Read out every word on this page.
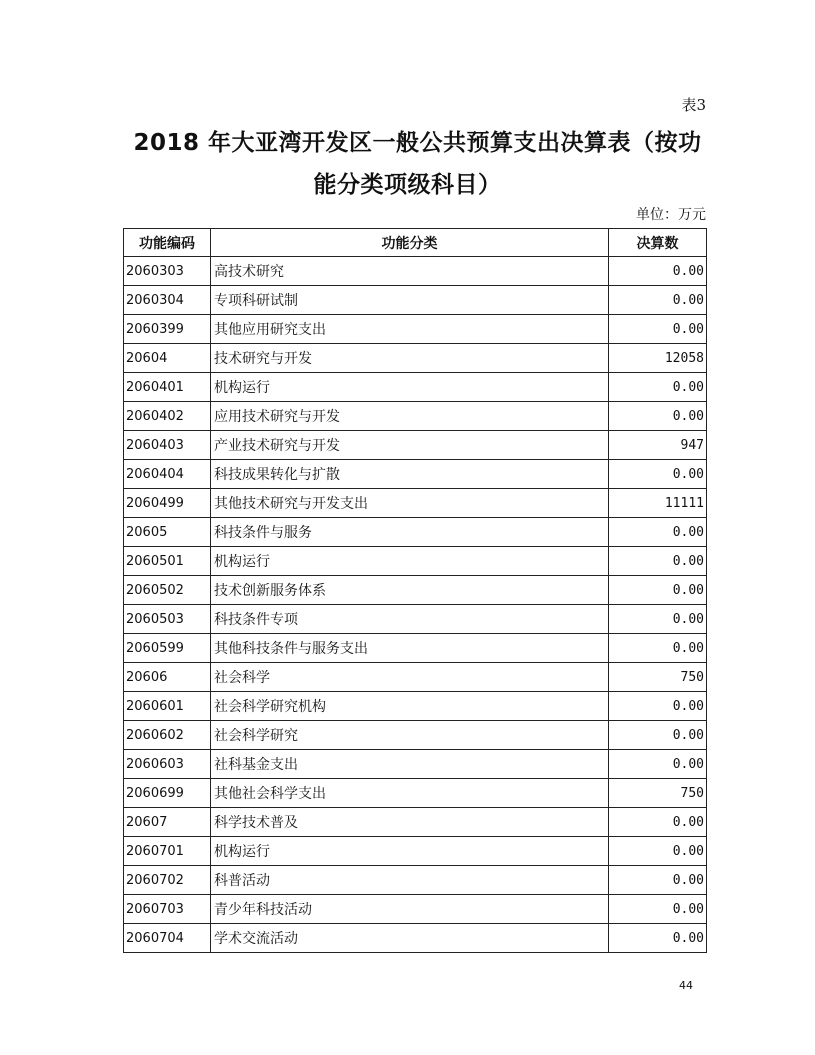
表3
2018 年大亚湾开发区一般公共预算支出决算表（按功
能分类项级科目）
单位：万元
功能编码	功能分类	决算数
2060303	高技术研究	0.00
2060304	专项科研试制	0.00
2060399	其他应用研究支出	0.00
20604	技术研究与开发	12058
2060401	机构运行	0.00
2060402	应用技术研究与开发	0.00
2060403	产业技术研究与开发	947
2060404	科技成果转化与扩散	0.00
2060499	其他技术研究与开发支出	11111
20605	科技条件与服务	0.00
2060501	机构运行	0.00
2060502	技术创新服务体系	0.00
2060503	科技条件专项	0.00
2060599	其他科技条件与服务支出	0.00
20606	社会科学	750
2060601	社会科学研究机构	0.00
2060602	社会科学研究	0.00
2060603	社科基金支出	0.00
2060699	其他社会科学支出	750
20607	科学技术普及	0.00
2060701	机构运行	0.00
2060702	科普活动	0.00
2060703	青少年科技活动	0.00
2060704	学术交流活动	0.00
44
